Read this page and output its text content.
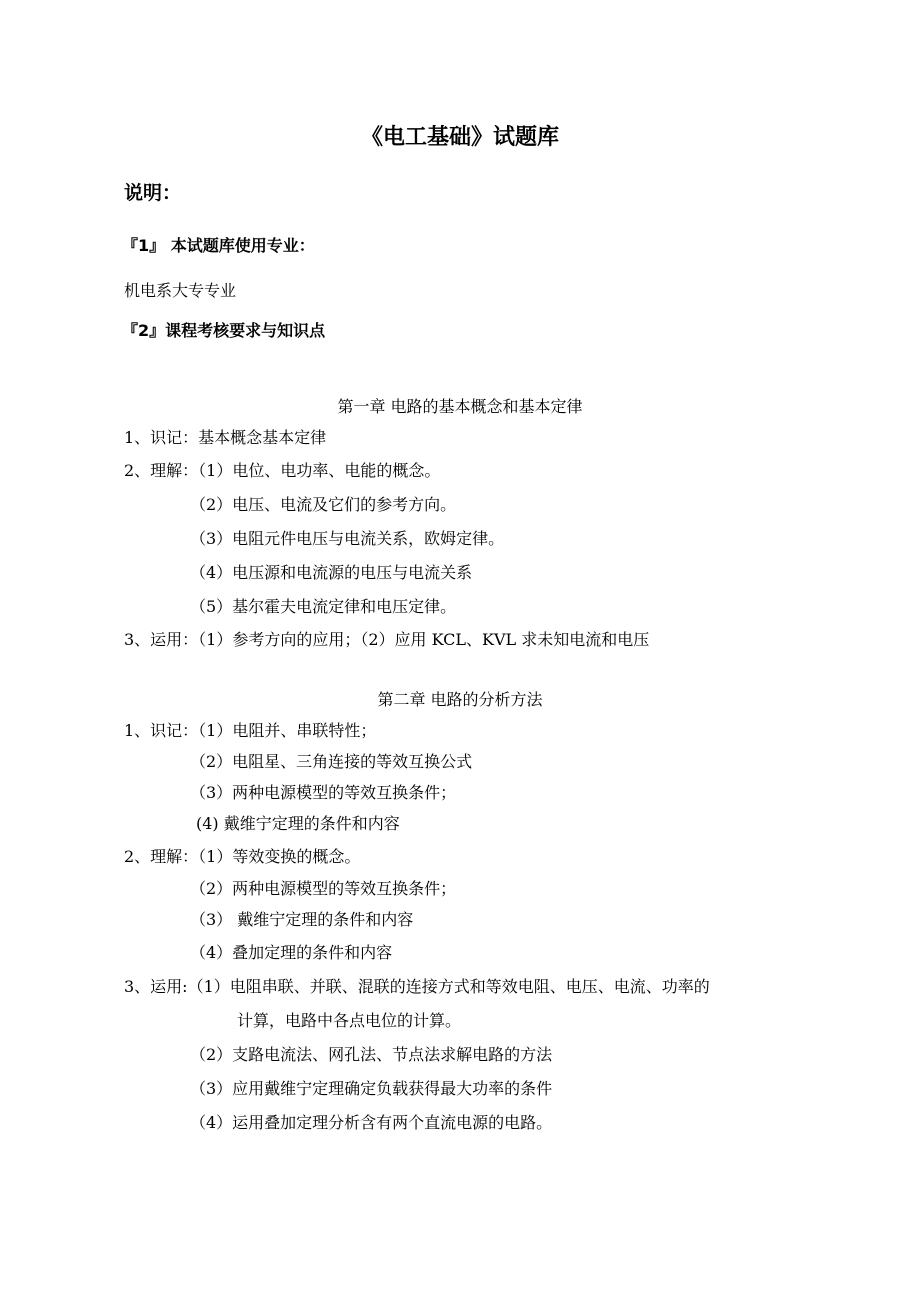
《电工基础》试题库
说明：
『1』 本试题库使用专业：
机电系大专专业
『2』课程考核要求与知识点
第一章 电路的基本概念和基本定律
1、识记：基本概念基本定律
2、理解：（1）电位、电功率、电能的概念。
（2）电压、电流及它们的参考方向。
（3）电阻元件电压与电流关系，欧姆定律。
（4）电压源和电流源的电压与电流关系
（5）基尔霍夫电流定律和电压定律。
3、运用：（1）参考方向的应用；（2）应用 KCL、KVL 求未知电流和电压
第二章 电路的分析方法
1、识记：（1）电阻并、串联特性；
（2）电阻星、三角连接的等效互换公式
（3）两种电源模型的等效互换条件；
(4) 戴维宁定理的条件和内容
2、理解：（1）等效变换的概念。
（2）两种电源模型的等效互换条件；
（3） 戴维宁定理的条件和内容
（4）叠加定理的条件和内容
3、运用:（1）电阻串联、并联、混联的连接方式和等效电阻、电压、电流、功率的
计算，电路中各点电位的计算。
（2）支路电流法、网孔法、节点法求解电路的方法
（3）应用戴维宁定理确定负载获得最大功率的条件
（4）运用叠加定理分析含有两个直流电源的电路。
